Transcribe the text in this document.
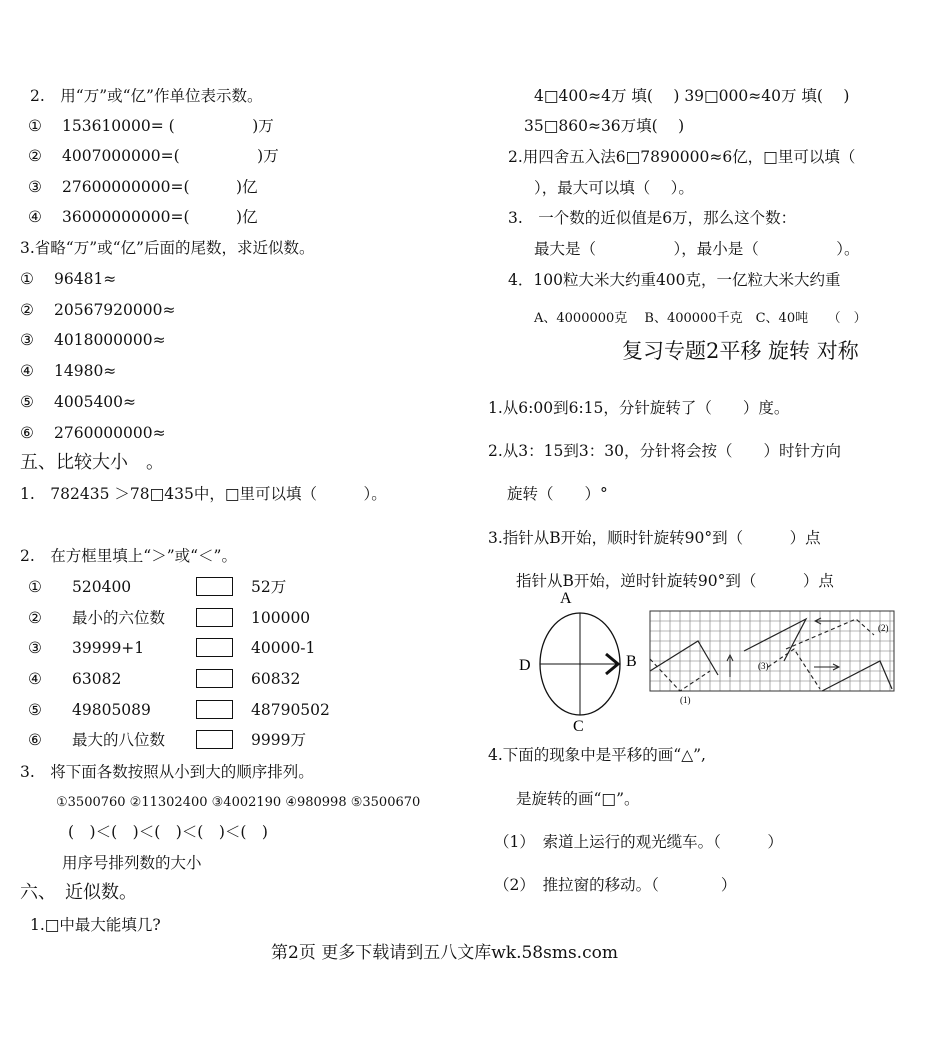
2.　用“万”或“亿”作单位表示数。
① 153610000= (　　　　　)万
② 4007000000=(　　　　　)万
③ 27600000000=(　　　)亿
④ 36000000000=(　　　)亿
3.省略“万”或“亿”后面的尾数，求近似数。
① 96481≈
② 20567920000≈
③ 4018000000≈
④ 14980≈
⑤ 4005400≈
⑥ 2760000000≈
五、比较大小　。
1.　782435 ＞78□435中，□里可以填（　　　）。
2.　在方框里填上“＞”或“＜”。
① 520400	52万
② 最小的六位数	100000
③ 39999+1	40000-1
④ 63082	60832
⑤ 49805089	48790502
⑥ 最大的八位数	9999万
3.　将下面各数按照从小到大的顺序排列。
①3500760 ②11302400 ③4002190 ④980998 ⑤3500670
(　)＜(　)＜(　)＜(　)＜(　)
用序号排列数的大小
六、　近似数。
1.□中最大能填几?
4□400≈4万 填(　 ) 39□000≈40万 填(　 )
35□860≈36万填(　 )
2.用四舍五入法6□7890000≈6亿，□里可以填（
），最大可以填（　 ）。
3.　一个数的近似值是6万，那么这个数：
最大是（　　　　　），最小是（　　　　　）。
4．100粒大米大约重400克，一亿粒大米大约重
A、4000000克　 B、400000千克　C、40吨　　（　）
复习专题2平移 旋转 对称
1.从6:00到6:15，分针旋转了（　　）度。
2.从3：15到3：30，分针将会按（　　）时针方向
旋转（　　）°
3.指针从B开始，顺时针旋转90°到（　　　）点
指针从B开始，逆时针旋转90°到（　　　）点
A
B
C
D
(2)
(3)
(1)
4.下面的现象中是平移的画“△”,
是旋转的画“□”。
（1）　索道上运行的观光缆车。（　　　）
（2）　推拉窗的移动。（　　　　）
第2页 更多下载请到五八文库wk.58sms.com
